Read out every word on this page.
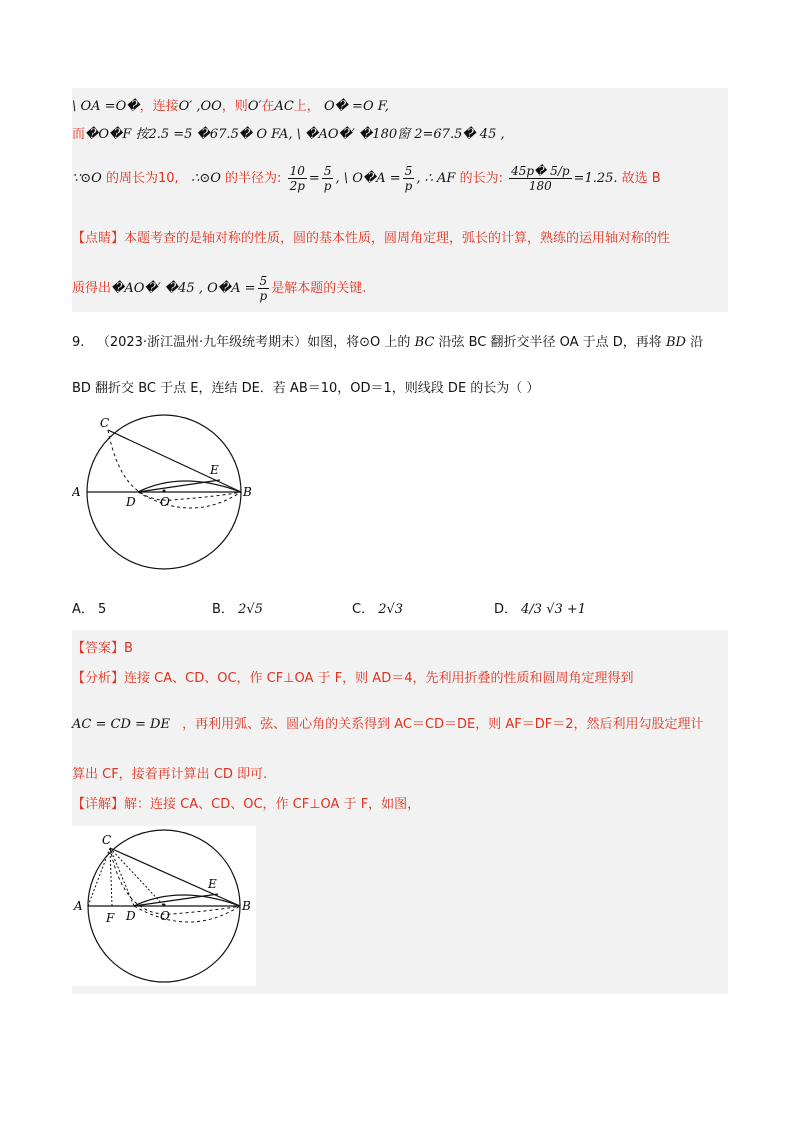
\ OA =O�，连接O′ ,OO，则O′在AC上， O� =O F,
而�O�F 按2.5 =5 �67.5� O FA, \ �AO�′ �180窗 2=67.5� 45 ,
∵⊙O 的周长为10, ∴⊙O 的半径为: $\frac{10}{2p} = \frac{5}{p}$ , \ O�A = $\frac{5}{p}$ , ∴ AF 的长为: $\frac{45p� 5/p}{180} =1.25$. 故选 B
【点睛】本题考查的是轴对称的性质，圆的基本性质，圆周角定理，弧长的计算，熟练的运用轴对称的性
质得出�AO�′ �45 , O�A = $\frac{5}{p}$ 是解本题的关键.
9. （2023·浙江温州·九年级统考期末）如图，将⊙O 上的 BC 沿弦 BC 翻折交半径 OA 于点 D，再将 BD 沿
BD 翻折交 BC 于点 E，连结 DE．若 AB＝10，OD＝1，则线段 DE 的长为（ ）
A	B
C
D
E
O
A． 5	B． 2√5	C． 2√3	D． 4/3 √3 +1
【答案】B
【分析】连接 CA、CD、OC，作 CF⊥OA 于 F，则 AD＝4，先利用折叠的性质和圆周角定理得到
AC = CD = DE ，再利用弧、弦、圆心角的关系得到 AC＝CD＝DE，则 AF＝DF＝2，然后利用勾股定理计
算出 CF，接着再计算出 CD 即可.
【详解】解：连接 CA、CD、OC，作 CF⊥OA 于 F，如图，
A	B
C
F D
E
O
